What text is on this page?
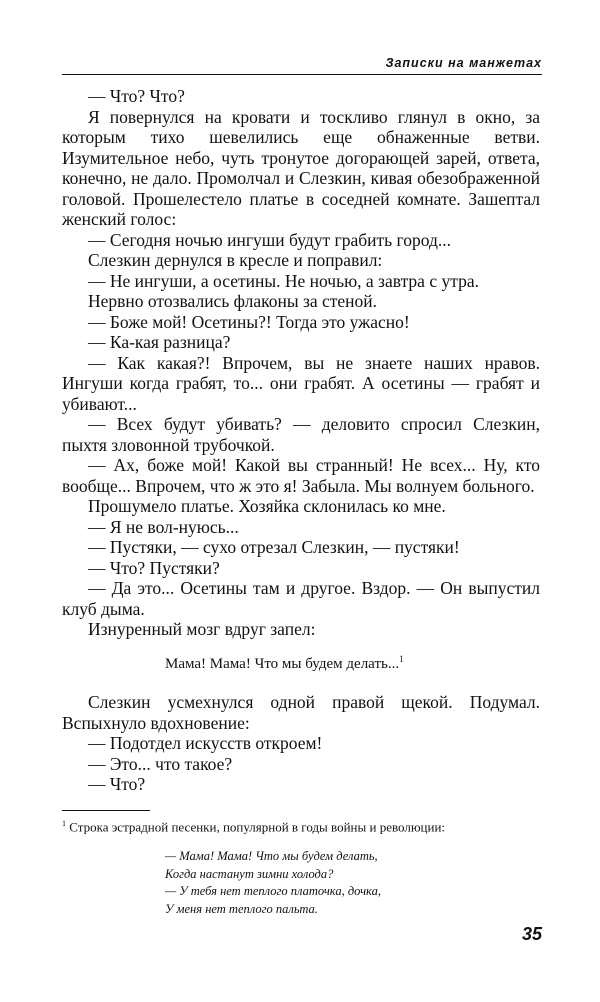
Записки на манжетах

— Что? Что?

Я повернулся на кровати и тоскливо глянул в окно, за которым тихо шевелились еще обнаженные ветви. Изумительное небо, чуть тронутое догорающей зарей, ответа, конечно, не дало. Промолчал и Слезкин, кивая обезображенной головой. Прошелестело платье в соседней комнате. Зашептал женский голос:

— Сегодня ночью ингуши будут грабить город...

Слезкин дернулся в кресле и поправил:

— Не ингуши, а осетины. Не ночью, а завтра с утра.

Нервно отозвались флаконы за стеной.

— Боже мой! Осетины?! Тогда это ужасно!

— Ка-кая разница?

— Как какая?! Впрочем, вы не знаете наших нравов. Ингуши когда грабят, то... они грабят. А осетины — грабят и убивают...

— Всех будут убивать? — деловито спросил Слезкин, пыхтя зловонной трубочкой.

— Ах, боже мой! Какой вы странный! Не всех... Ну, кто вообще... Впрочем, что ж это я! Забыла. Мы волнуем больного.

Прошумело платье. Хозяйка склонилась ко мне.

— Я не вол-нуюсь...

— Пустяки, — сухо отрезал Слезкин, — пустяки!

— Что? Пустяки?

— Да это... Осетины там и другое. Вздор. — Он выпустил клуб дыма.

Изнуренный мозг вдруг запел:

Мама! Мама! Что мы будем делать...$^1$

Слезкин усмехнулся одной правой щекой. Подумал. Вспыхнуло вдохновение:

— Подотдел искусств откроем!

— Это... что такое?

— Что?

$^1$ Строка эстрадной песенки, популярной в годы войны и революции:
— Мама! Мама! Что мы будем делать,
Когда настанут зимни холода?
— У тебя нет теплого платочка, дочка,
У меня нет теплого пальта.
35
